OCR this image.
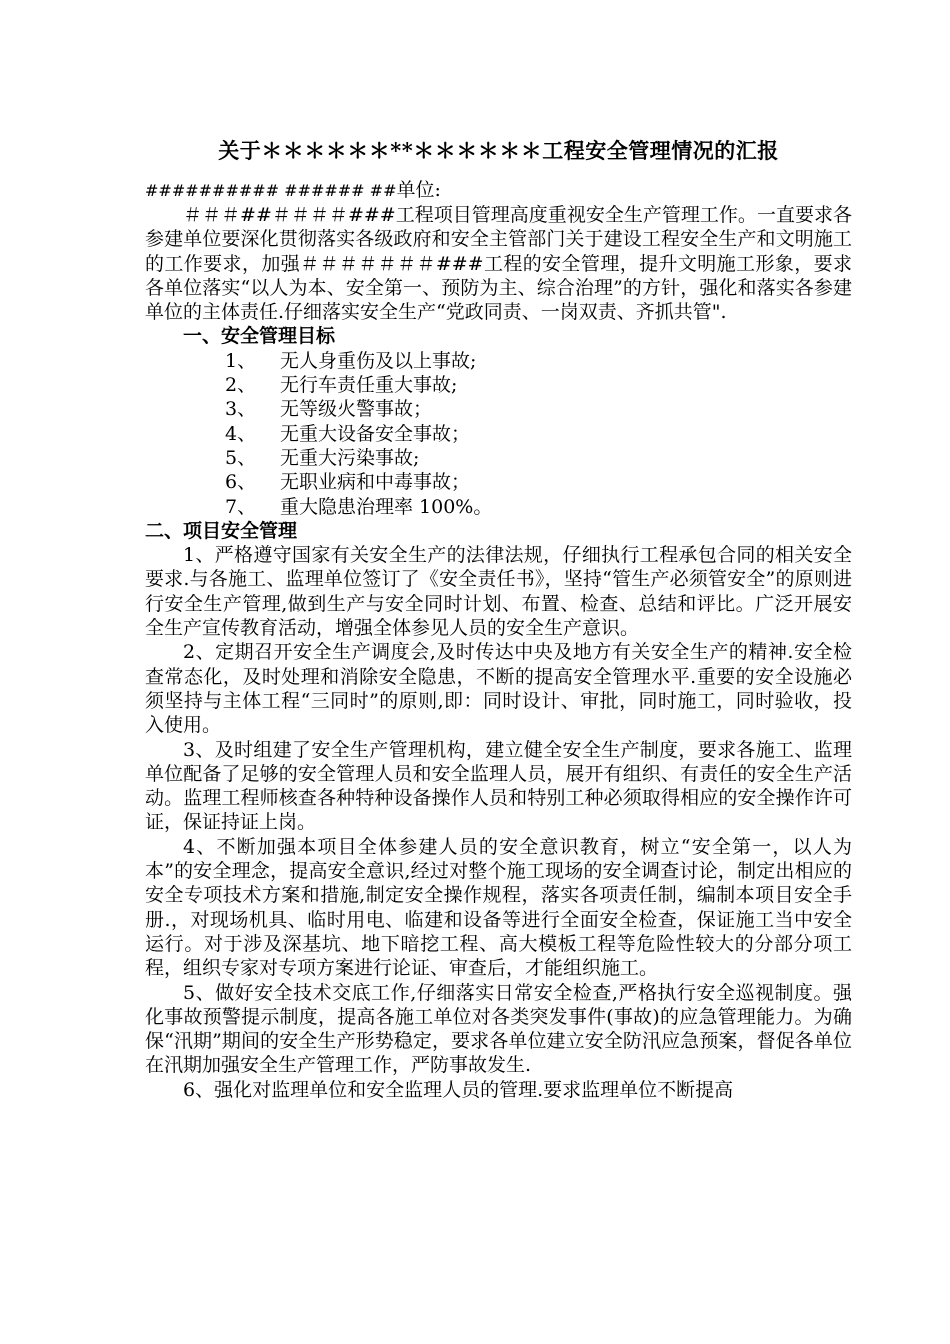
关于＊＊＊＊＊＊**＊＊＊＊＊＊工程安全管理情况的汇报
########## ###### ##单位:

＃＃＃##＃＃＃＃###工程项目管理高度重视安全生产管理工作。一直要求各参建单位要深化贯彻落实各级政府和安全主管部门关于建设工程安全生产和文明施工的工作要求，加强＃＃＃＃＃＃＃###工程的安全管理，提升文明施工形象，要求各单位落实“以人为本、安全第一、预防为主、综合治理”的方针，强化和落实各参建单位的主体责任.仔细落实安全生产“党政同责、一岗双责、齐抓共管".

一、安全管理目标

1、 无人身重伤及以上事故;
2、 无行车责任重大事故;
3、 无等级火警事故；
4、 无重大设备安全事故；
5、 无重大污染事故;
6、 无职业病和中毒事故；
7、 重大隐患治理率 100%。

二、项目安全管理

1、严格遵守国家有关安全生产的法律法规，仔细执行工程承包合同的相关安全要求.与各施工、监理单位签订了《安全责任书》，坚持“管生产必须管安全”的原则进行安全生产管理,做到生产与安全同时计划、布置、检查、总结和评比。广泛开展安全生产宣传教育活动，增强全体参见人员的安全生产意识。

2、定期召开安全生产调度会,及时传达中央及地方有关安全生产的精神.安全检查常态化，及时处理和消除安全隐患，不断的提高安全管理水平.重要的安全设施必须坚持与主体工程“三同时”的原则,即：同时设计、审批，同时施工，同时验收，投入使用。

3、及时组建了安全生产管理机构，建立健全安全生产制度，要求各施工、监理单位配备了足够的安全管理人员和安全监理人员，展开有组织、有责任的安全生产活动。监理工程师核查各种特种设备操作人员和特别工种必须取得相应的安全操作许可证，保证持证上岗。

4、不断加强本项目全体参建人员的安全意识教育，树立“安全第一，以人为本”的安全理念，提高安全意识,经过对整个施工现场的安全调查讨论，制定出相应的安全专项技术方案和措施,制定安全操作规程，落实各项责任制，编制本项目安全手册.，对现场机具、临时用电、临建和设备等进行全面安全检查，保证施工当中安全运行。对于涉及深基坑、地下暗挖工程、高大模板工程等危险性较大的分部分项工程，组织专家对专项方案进行论证、审查后，才能组织施工。

5、做好安全技术交底工作,仔细落实日常安全检查,严格执行安全巡视制度。强化事故预警提示制度，提高各施工单位对各类突发事件(事故)的应急管理能力。为确保“汛期”期间的安全生产形势稳定，要求各单位建立安全防汛应急预案，督促各单位在汛期加强安全生产管理工作，严防事故发生.

6、强化对监理单位和安全监理人员的管理.要求监理单位不断提高
